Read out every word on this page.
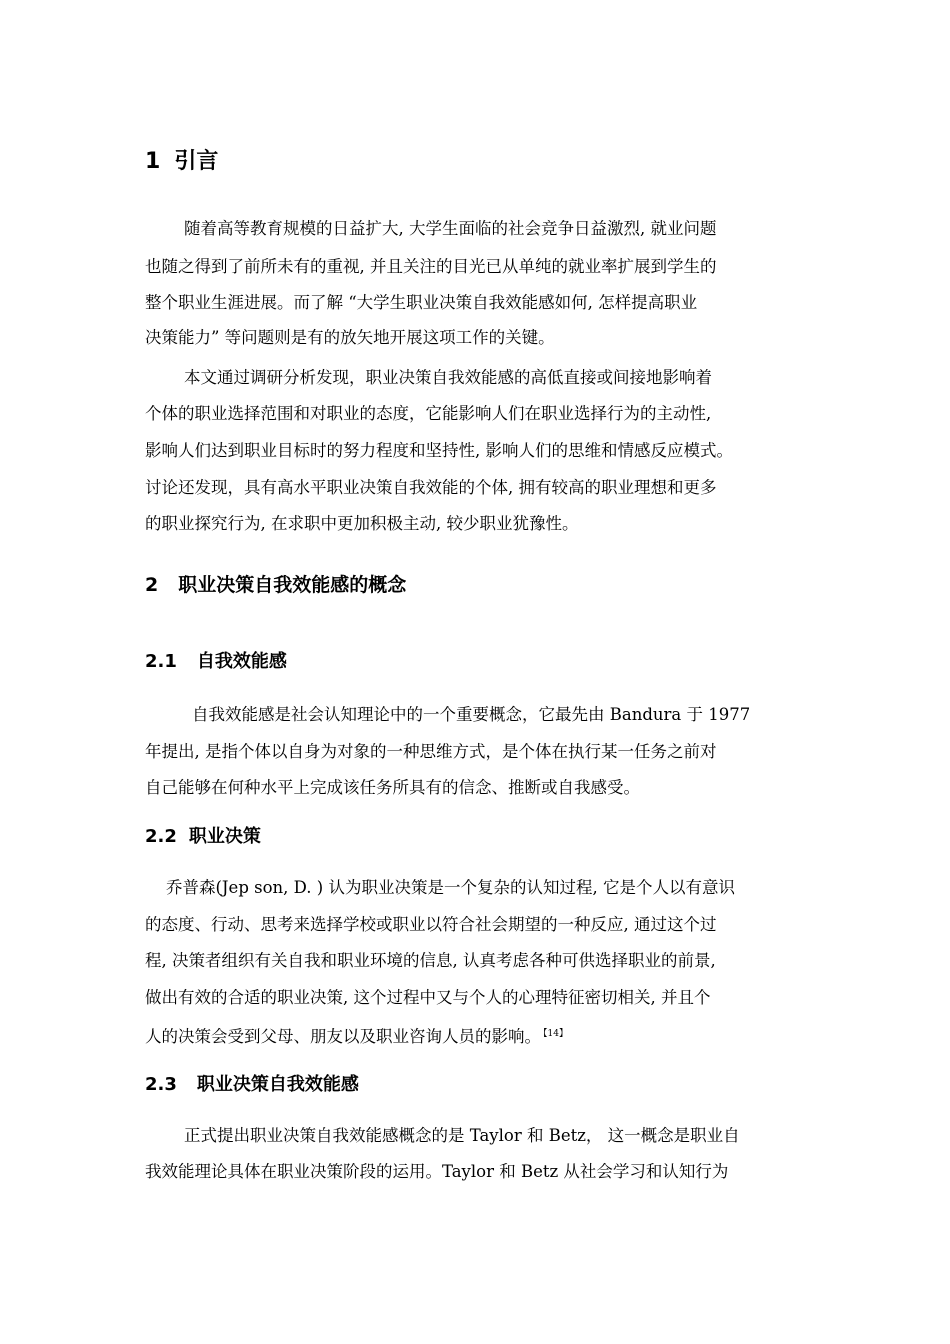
1 引言

随着高等教育规模的日益扩大, 大学生面临的社会竞争日益激烈, 就业问题

也随之得到了前所未有的重视, 并且关注的目光已从单纯的就业率扩展到学生的

整个职业生涯进展。而了解 “大学生职业决策自我效能感如何, 怎样提高职业

决策能力” 等问题则是有的放矢地开展这项工作的关键。

本文通过调研分析发现，职业决策自我效能感的高低直接或间接地影响着

个体的职业选择范围和对职业的态度，它能影响人们在职业选择行为的主动性,

影响人们达到职业目标时的努力程度和坚持性, 影响人们的思维和情感反应模式。

讨论还发现，具有高水平职业决策自我效能的个体, 拥有较高的职业理想和更多

的职业探究行为, 在求职中更加积极主动, 较少职业犹豫性。

2 职业决策自我效能感的概念
2.1 自我效能感

自我效能感是社会认知理论中的一个重要概念，它最先由 Bandura 于 1977

年提出, 是指个体以自身为对象的一种思维方式，是个体在执行某一任务之前对

自己能够在何种水平上完成该任务所具有的信念、推断或自我感受。

2.2 职业决策

乔普森(Jep son, D. ) 认为职业决策是一个复杂的认知过程, 它是个人以有意识

的态度、行动、思考来选择学校或职业以符合社会期望的一种反应, 通过这个过

程, 决策者组织有关自我和职业环境的信息, 认真考虑各种可供选择职业的前景,

做出有效的合适的职业决策, 这个过程中又与个人的心理特征密切相关, 并且个

人的决策会受到父母、朋友以及职业咨询人员的影响。 $^{【14】}$

2.3 职业决策自我效能感

正式提出职业决策自我效能感概念的是 Taylor 和 Betz， 这一概念是职业自

我效能理论具体在职业决策阶段的运用。Taylor 和 Betz 从社会学习和认知行为
